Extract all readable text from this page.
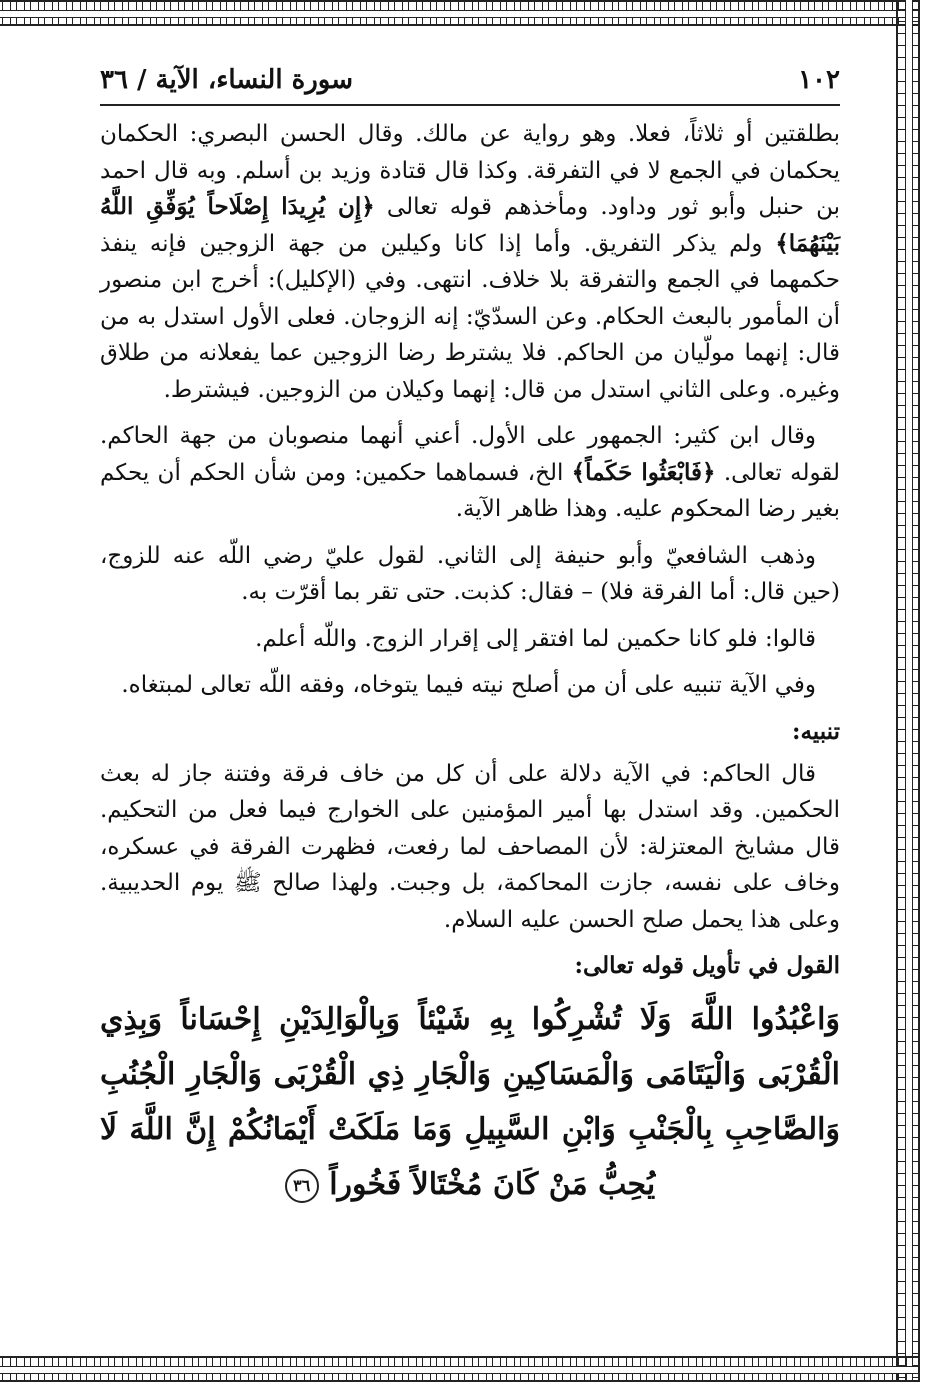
١٠٢
سورة النساء، الآية / ٣٦

بطلقتين أو ثلاثاً، فعلا. وهو رواية عن مالك. وقال الحسن البصري: الحكمان يحكمان في الجمع لا في التفرقة. وكذا قال قتادة وزيد بن أسلم. وبه قال احمد بن حنبل وأبو ثور وداود. ومأخذهم قوله تعالى ﴿إِن يُرِيدَا إِصْلَاحاً يُوَفِّقِ اللَّهُ بَيْنَهُمَا﴾ ولم يذكر التفريق. وأما إذا كانا وكيلين من جهة الزوجين فإنه ينفذ حكمهما في الجمع والتفرقة بلا خلاف. انتهى. وفي (الإكليل): أخرج ابن منصور أن المأمور بالبعث الحكام. وعن السدّيّ: إنه الزوجان. فعلى الأول استدل به من قال: إنهما مولّيان من الحاكم. فلا يشترط رضا الزوجين عما يفعلانه من طلاق وغيره. وعلى الثاني استدل من قال: إنهما وكيلان من الزوجين. فيشترط.

وقال ابن كثير: الجمهور على الأول. أعني أنهما منصوبان من جهة الحاكم. لقوله تعالى. ﴿فَابْعَثُوا حَكَماً﴾ الخ، فسماهما حكمين: ومن شأن الحكم أن يحكم بغير رضا المحكوم عليه. وهذا ظاهر الآية.

وذهب الشافعيّ وأبو حنيفة إلى الثاني. لقول عليّ رضي اللّه عنه للزوج، (حين قال: أما الفرقة فلا) – فقال: كذبت. حتى تقر بما أقرّت به.

قالوا: فلو كانا حكمين لما افتقر إلى إقرار الزوج. واللّه أعلم.

وفي الآية تنبيه على أن من أصلح نيته فيما يتوخاه، وفقه اللّه تعالى لمبتغاه.

تنبيه:

قال الحاكم: في الآية دلالة على أن كل من خاف فرقة وفتنة جاز له بعث الحكمين. وقد استدل بها أمير المؤمنين على الخوارج فيما فعل من التحكيم. قال مشايخ المعتزلة: لأن المصاحف لما رفعت، فظهرت الفرقة في عسكره، وخاف على نفسه، جازت المحاكمة، بل وجبت. ولهذا صالح ﷺ يوم الحديبية. وعلى هذا يحمل صلح الحسن عليه السلام.

القول في تأويل قوله تعالى:
وَاعْبُدُوا اللَّهَ وَلَا تُشْرِكُوا بِهِ شَيْئاً وَبِالْوَالِدَيْنِ إِحْسَاناً وَبِذِي الْقُرْبَى وَالْيَتَامَى وَالْمَسَاكِينِ وَالْجَارِ ذِي الْقُرْبَى وَالْجَارِ الْجُنُبِ وَالصَّاحِبِ بِالْجَنْبِ وَابْنِ السَّبِيلِ وَمَا مَلَكَتْ أَيْمَانُكُمْ إِنَّ اللَّهَ لَا يُحِبُّ مَنْ كَانَ مُخْتَالاً فَخُوراً ٣٦
